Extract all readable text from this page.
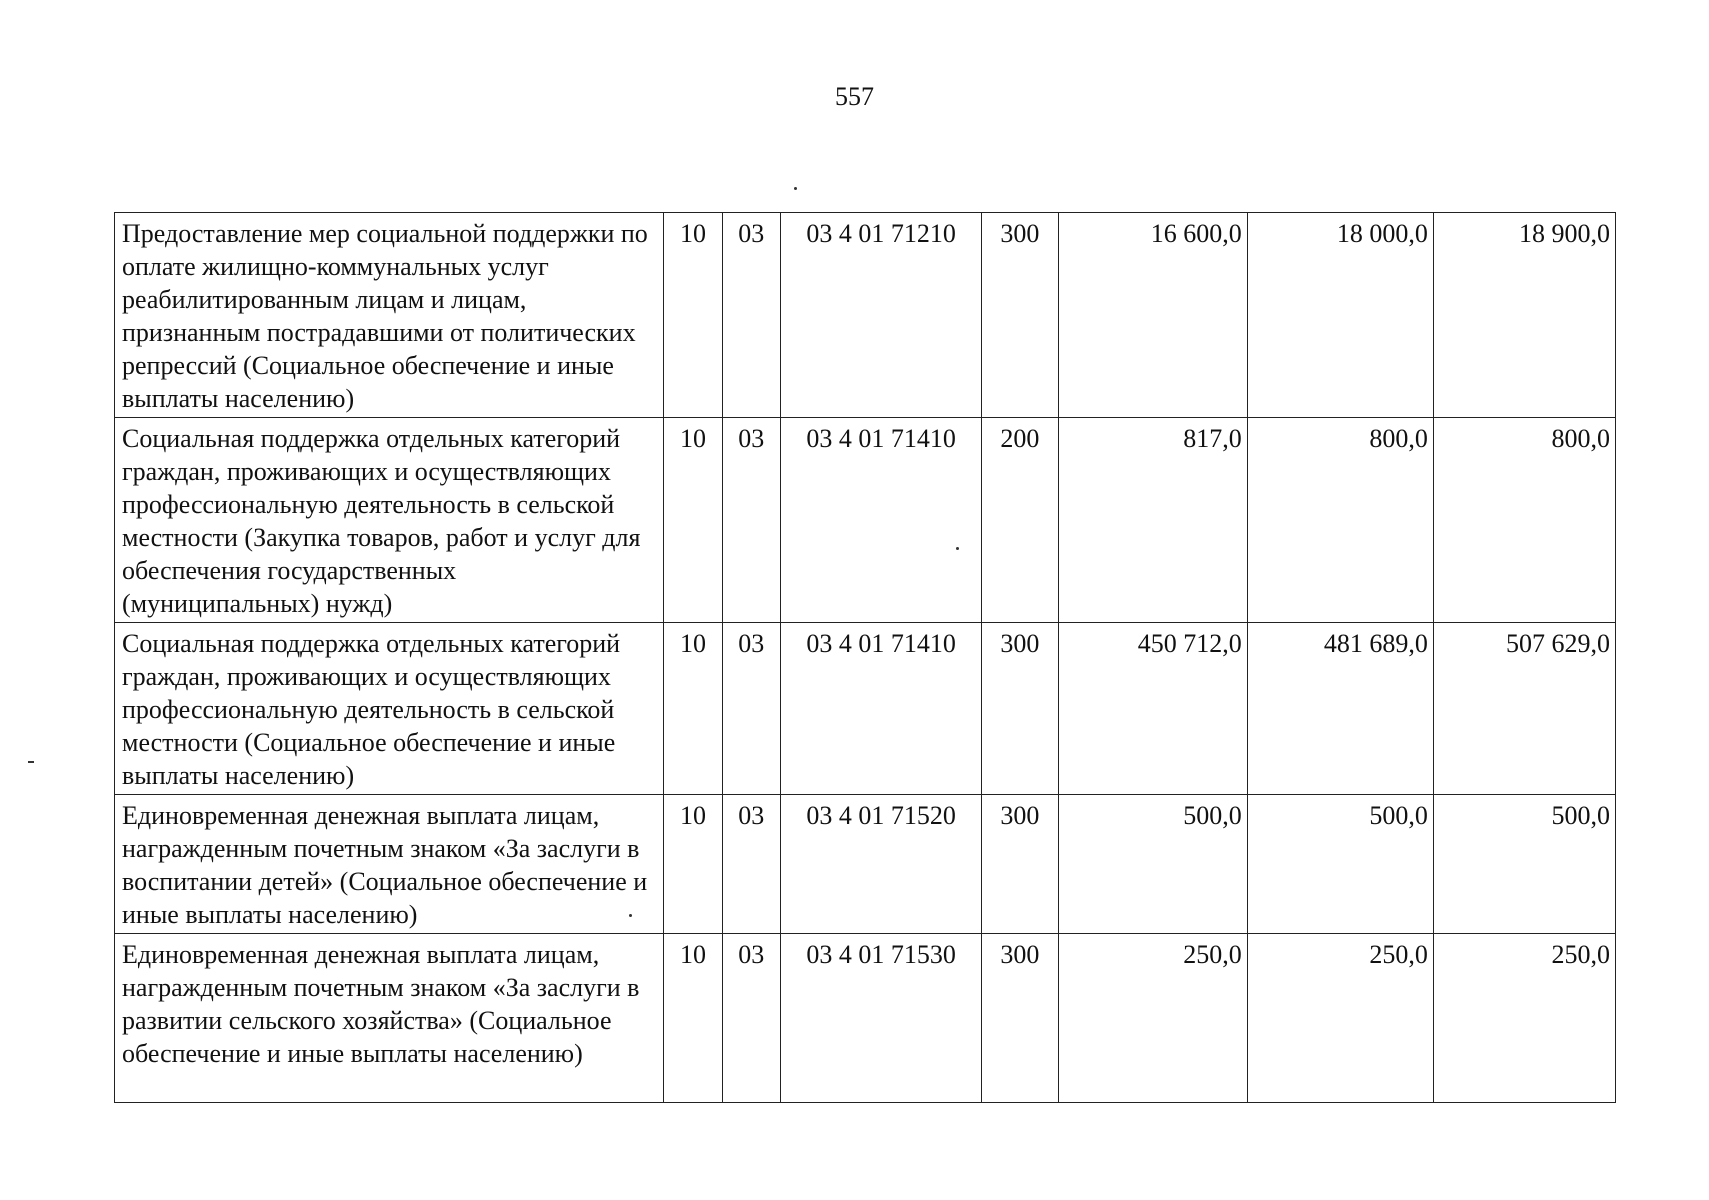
557
Предоставление мер социальной поддержки по оплате жилищно-коммунальных услуг реабилитированным лицам и лицам, признанным пострадавшими от политических репрессий (Социальное обеспечение и иные выплаты населению)	10	03	03 4 01 71210	300	16 600,0	18 000,0	18 900,0
Социальная поддержка отдельных категорий граждан, проживающих и осуществляющих профессиональную деятельность в сельской местности (Закупка товаров, работ и услуг для обеспечения государственных (муниципальных) нужд)	10	03	03 4 01 71410	200	817,0	800,0	800,0
Социальная поддержка отдельных категорий граждан, проживающих и осуществляющих профессиональную деятельность в сельской местности (Социальное обеспечение и иные выплаты населению)	10	03	03 4 01 71410	300	450 712,0	481 689,0	507 629,0
Единовременная денежная выплата лицам, награжденным почетным знаком «За заслуги в воспитании детей» (Социальное обеспечение и иные выплаты населению)	10	03	03 4 01 71520	300	500,0	500,0	500,0
Единовременная денежная выплата лицам, награжденным почетным знаком «За заслуги в развитии сельского хозяйства» (Социальное обеспечение и иные выплаты населению)	10	03	03 4 01 71530	300	250,0	250,0	250,0
